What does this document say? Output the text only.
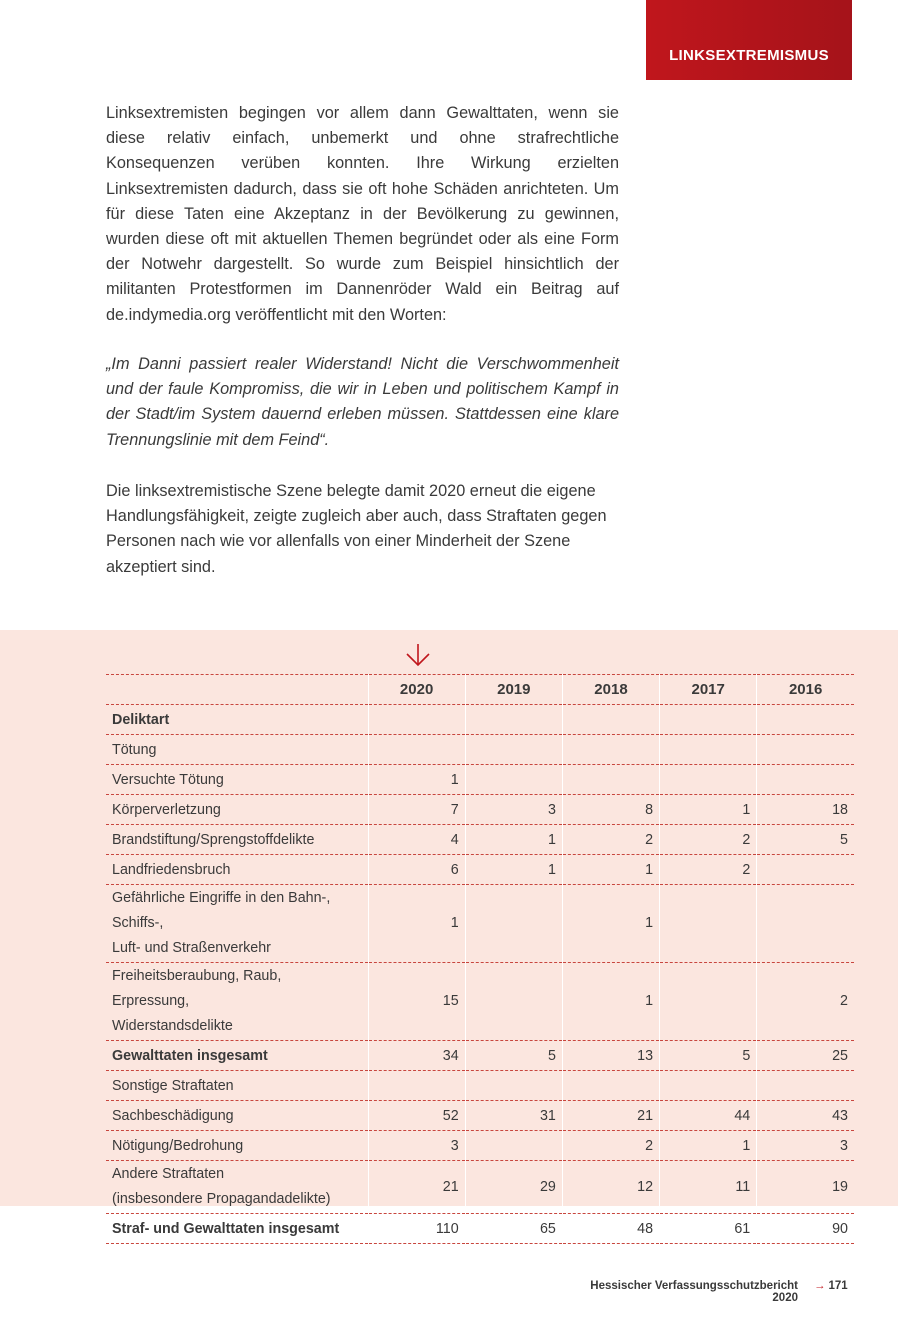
LINKSEXTREMISMUS
Linksextremisten begingen vor allem dann Gewalttaten, wenn sie diese relativ einfach, unbemerkt und ohne strafrechtliche Konsequenzen verüben konnten. Ihre Wirkung erzielten Linksextremisten dadurch, dass sie oft hohe Schäden anrichteten. Um für diese Taten eine Akzeptanz in der Bevölkerung zu gewinnen, wurden diese oft mit aktuellen Themen begründet oder als eine Form der Notwehr dargestellt. So wurde zum Beispiel hinsichtlich der militanten Protestformen im Dannenröder Wald ein Beitrag auf de.indymedia.org veröffentlicht mit den Worten:
„Im Danni passiert realer Widerstand! Nicht die Verschwommenheit und der faule Kompromiss, die wir in Leben und politischem Kampf in der Stadt/im System dauernd erleben müssen. Stattdessen eine klare Trennungslinie mit dem Feind“.
Die linksextremistische Szene belegte damit 2020 erneut die eigene Handlungsfähigkeit, zeigte zugleich aber auch, dass Straftaten gegen Personen nach wie vor allenfalls von einer Minderheit der Szene akzeptiert sind.
	2020	2019	2018	2017	2016
Deliktart					
Tötung					
Versuchte Tötung	1				
Körperverletzung	7	3	8	1	18
Brandstiftung/Sprengstoffdelikte	4	1	2	2	5
Landfriedensbruch	6	1	1	2	
Gefährliche Eingriffe in den Bahn-, Schiffs-,
Luft- und Straßenverkehr	1		1		
Freiheitsberaubung, Raub, Erpressung,
Widerstandsdelikte	15		1		2
Gewalttaten insgesamt	34	5	13	5	25
Sonstige Straftaten					
Sachbeschädigung	52	31	21	44	43
Nötigung/Bedrohung	3		2	1	3
Andere Straftaten
(insbesondere Propagandadelikte)	21	29	12	11	19
Straf- und Gewalttaten insgesamt	110	65	48	61	90
Hessischer Verfassungsschutzbericht 2020
→ 171
